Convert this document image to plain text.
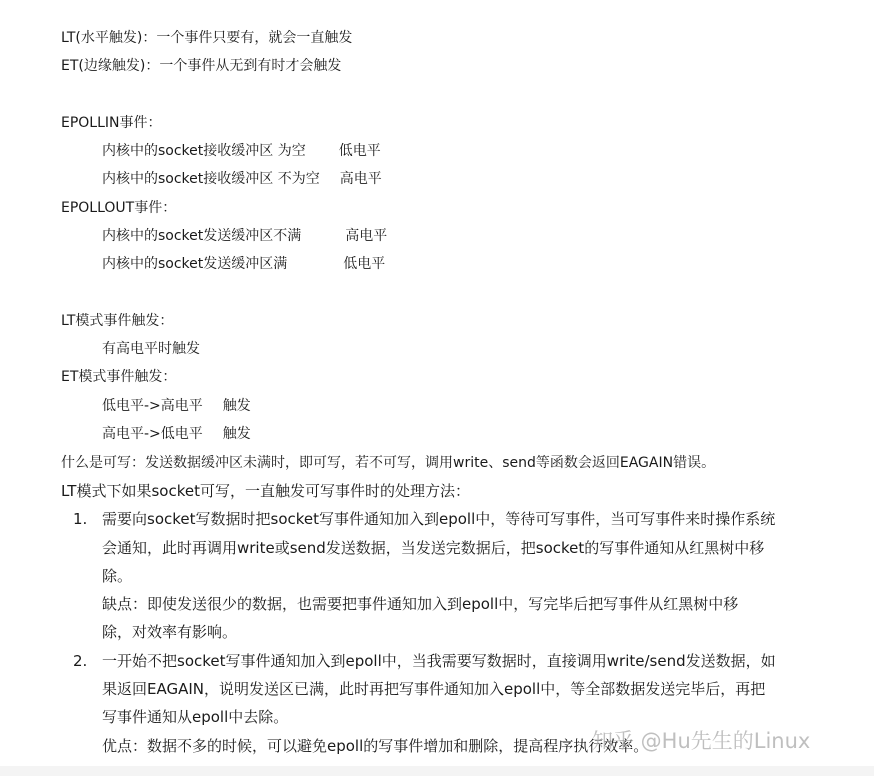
LT(水平触发)：一个事件只要有，就会一直触发
ET(边缘触发)：一个事件从无到有时才会触发
EPOLLIN事件：
内核中的socket接收缓冲区 为空 低电平
内核中的socket接收缓冲区 不为空 高电平
EPOLLOUT事件：
内核中的socket发送缓冲区不满	高电平
内核中的socket发送缓冲区满	低电平
LT模式事件触发：
有高电平时触发
ET模式事件触发：
低电平->高电平 触发
高电平->低电平 触发
什么是可写：发送数据缓冲区未满时，即可写，若不可写，调用write、send等函数会返回EAGAIN错误。
LT模式下如果socket可写，一直触发可写事件时的处理方法：
1. 需要向socket写数据时把socket写事件通知加入到epoll中，等待可写事件，当可写事件来时操作系统
会通知，此时再调用write或send发送数据，当发送完数据后，把socket的写事件通知从红黑树中移
除。
缺点：即使发送很少的数据，也需要把事件通知加入到epoll中，写完毕后把写事件从红黑树中移
除，对效率有影响。
2. 一开始不把socket写事件通知加入到epoll中，当我需要写数据时，直接调用write/send发送数据，如
果返回EAGAIN，说明发送区已满，此时再把写事件通知加入epoll中，等全部数据发送完毕后，再把
写事件通知从epoll中去除。
优点：数据不多的时候，可以避免epoll的写事件增加和删除，提高程序执行效率。
知乎 @Hu先生的Linux
